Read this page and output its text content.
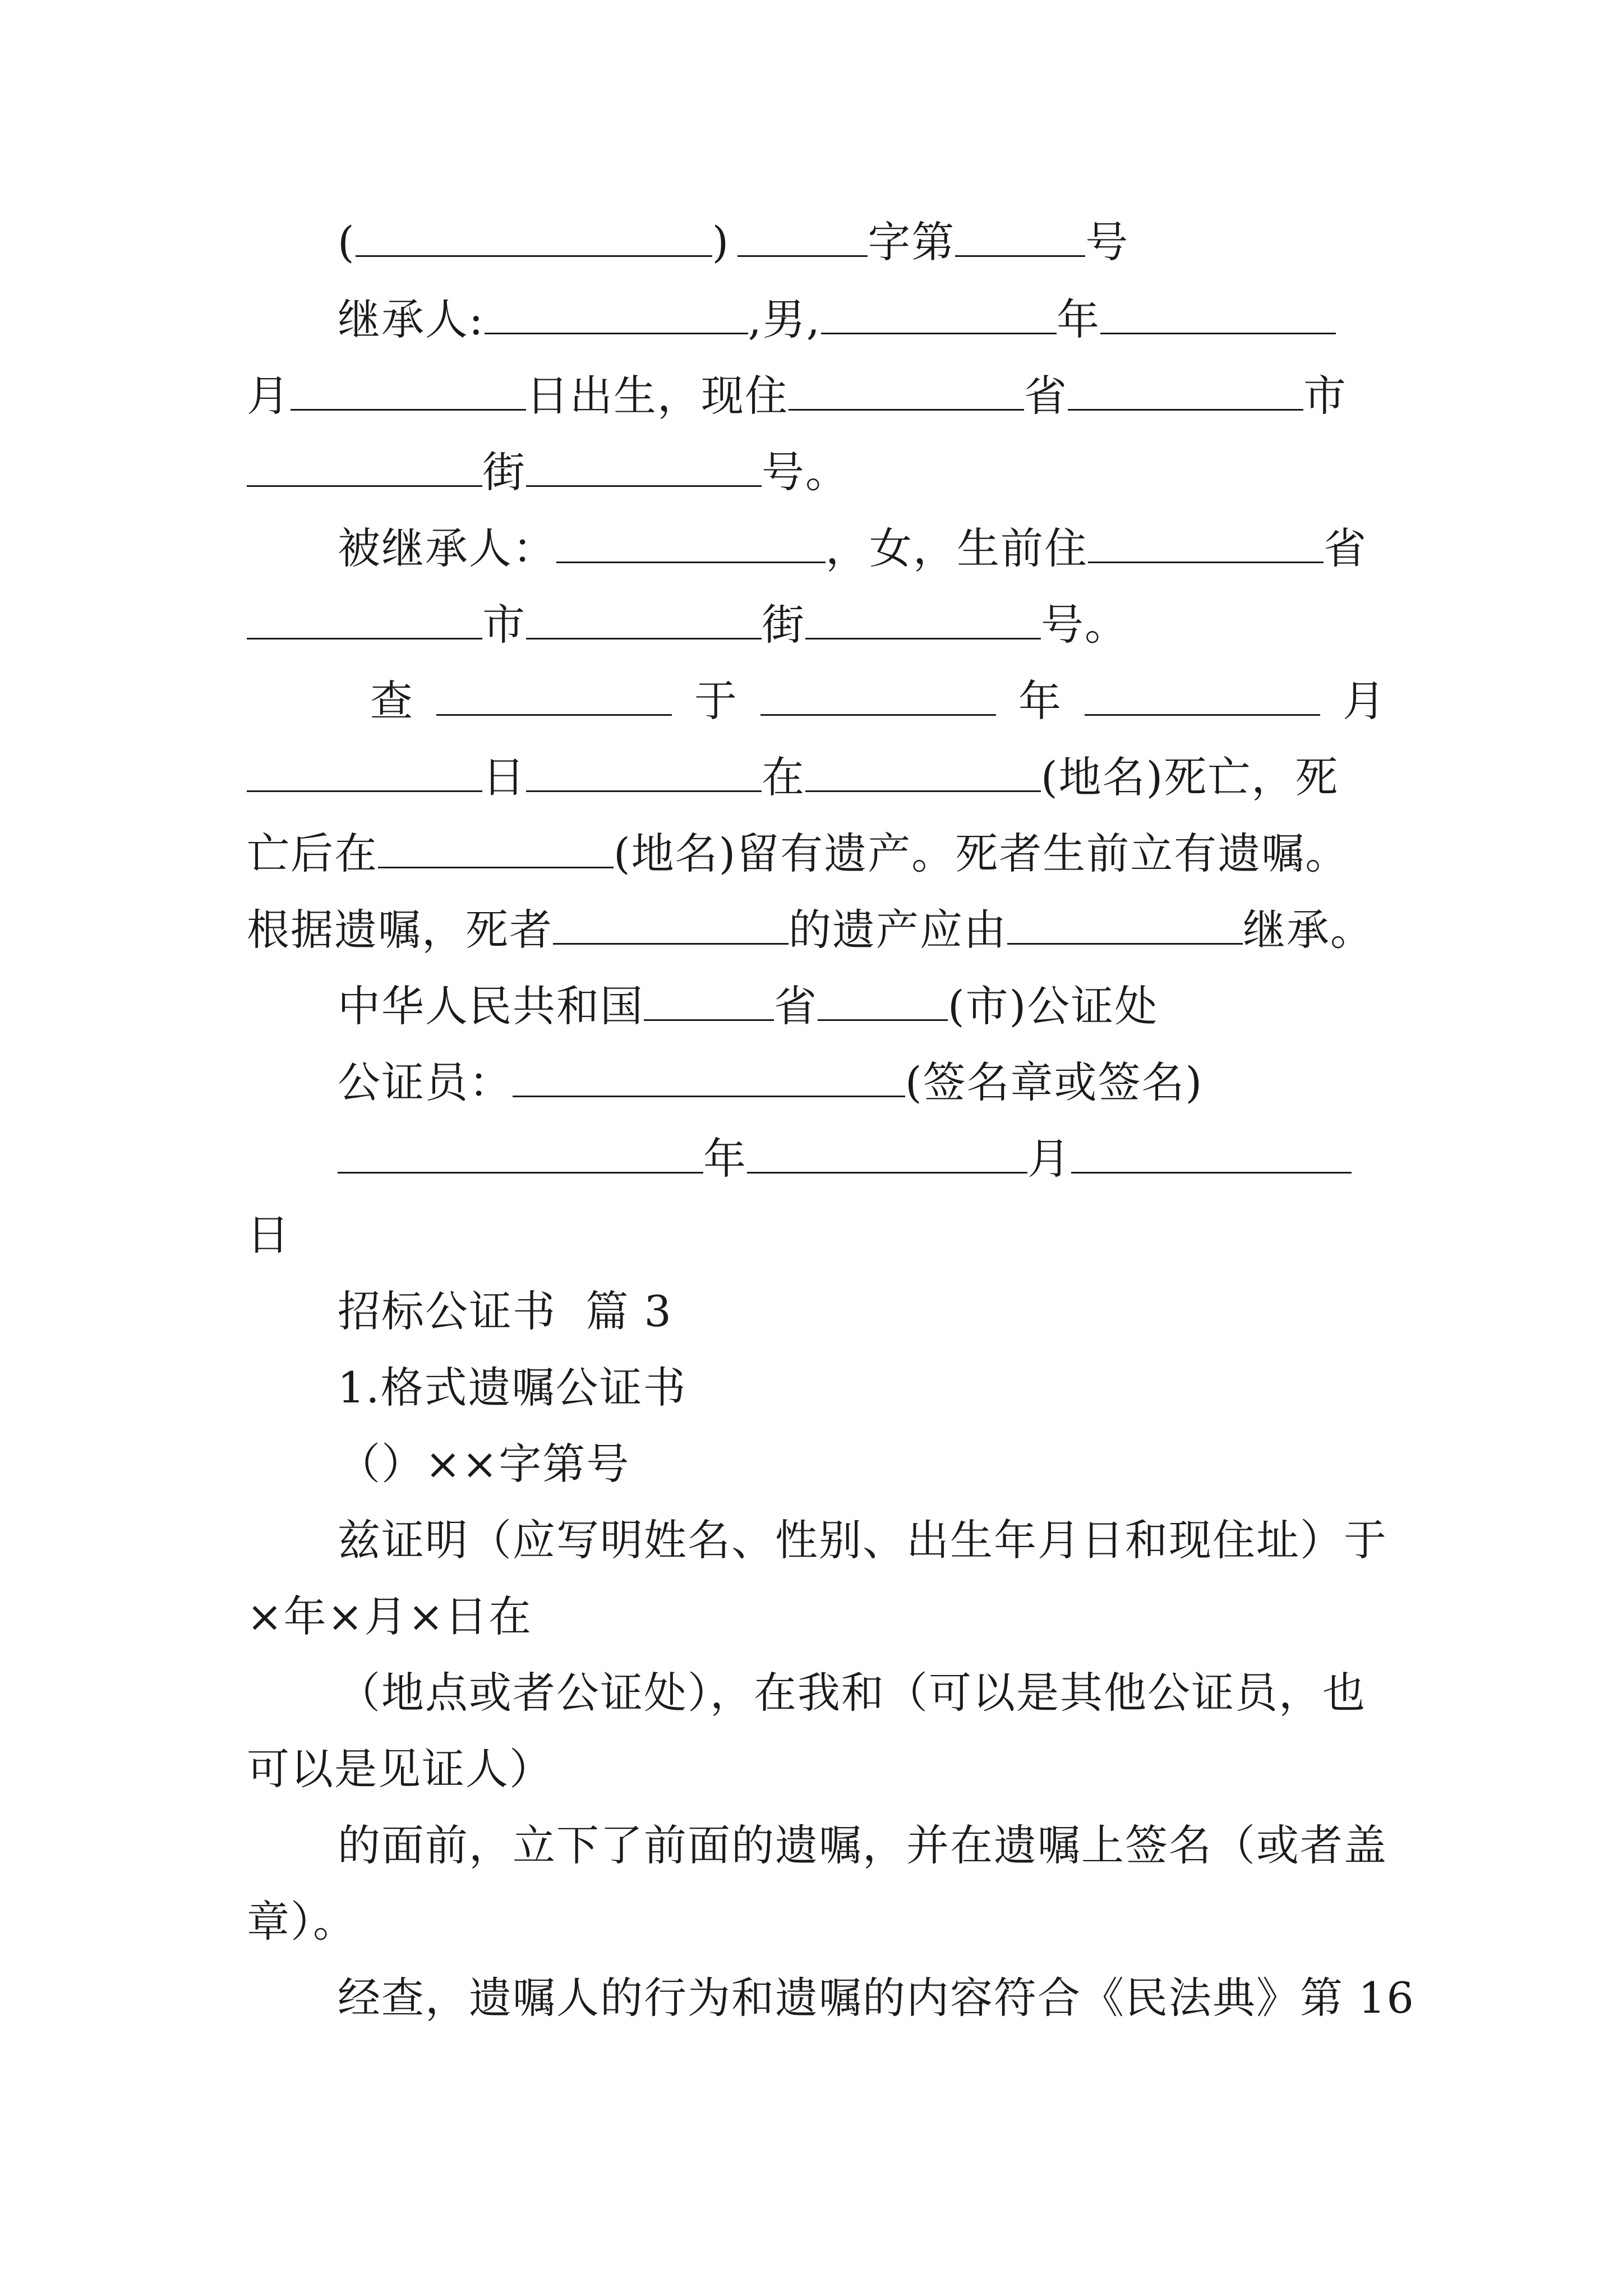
(	)	字第	号
继承人:	,男,	年
月	日出生，现住	省	市
街	号。
被继承人：	，女，生前住	省
市	街	号。
查	于	年	月
日	在	(地名)死亡，死
亡后在	(地名)留有遗产。死者生前立有遗嘱。
根据遗嘱，死者	的遗产应由	继承。
中华人民共和国	省	(市)公证处
公证员：	(签名章或签名)
年	月
日
招标公证书  篇 3
1.格式遗嘱公证书
（）××字第号
兹证明（应写明姓名、性别、出生年月日和现住址）于
×年×月×日在
（地点或者公证处），在我和（可以是其他公证员，也
可以是见证人）
的面前，立下了前面的遗嘱，并在遗嘱上签名（或者盖
章）。
经查，遗嘱人的行为和遗嘱的内容符合《民法典》第 16
